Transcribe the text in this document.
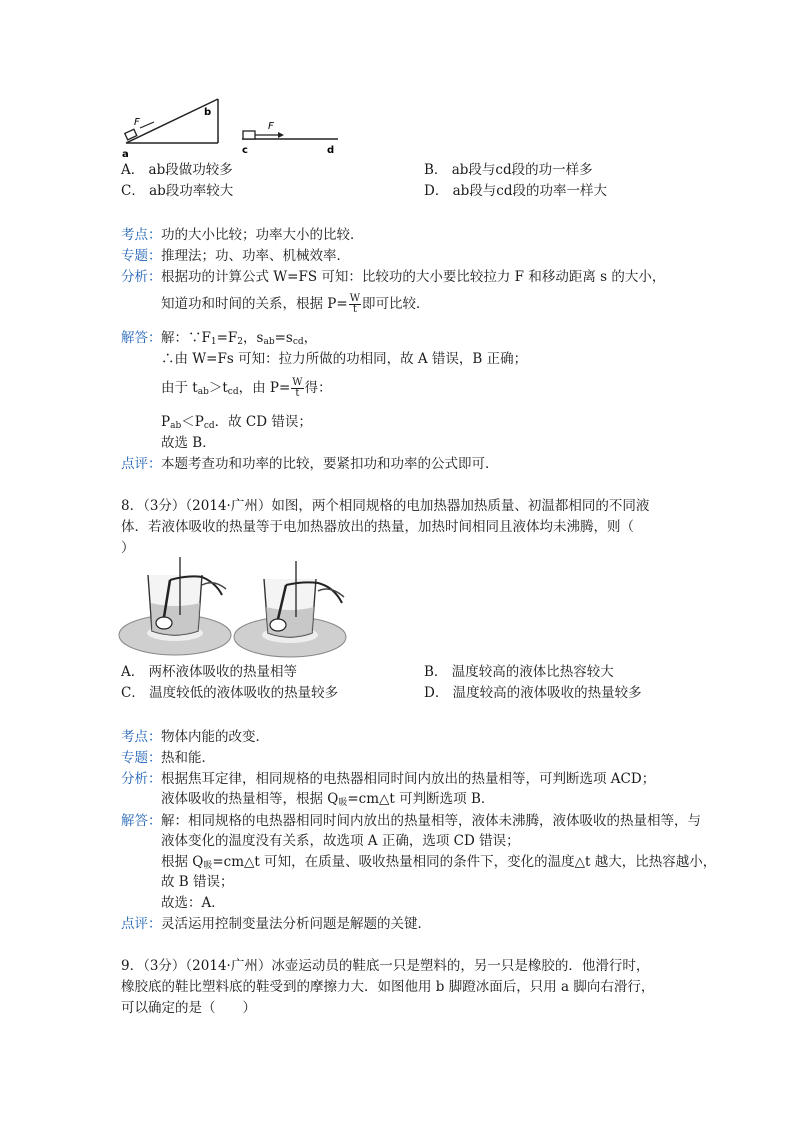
F
a
b
F
c	d
A． ab段做功较多	B． ab段与cd段的功一样多
C． ab段功率较大	D． ab段与cd段的功率一样大
考点： 功的大小比较；功率大小的比较．
专题： 推理法；功、功率、机械效率．
分析： 根据功的计算公式 W=FS 可知：比较功的大小要比较拉力 F 和移动距离 s 的大小，
知道功和时间的关系，根据 $P= \frac{W}{t}$ 即可比较．
解答： 解：$\because F_1=F_2$，$s_{ab}=s_{cd}$，
∴由 W=Fs 可知：拉力所做的功相同，故 A 错误，B 正确；
由于 $t_{ab}>t_{cd}$，由 $P= \frac{W}{t}$ 得：
$P_{ab}<P_{cd}$．故 CD 错误；
故选 B．
点评： 本题考查功和功率的比较，要紧扣功和功率的公式即可．
8．（3分）（2014·广州）如图，两个相同规格的电加热器加热质量、初温都相同的不同液
体．若液体吸收的热量等于电加热器放出的热量，加热时间相同且液体均未沸腾，则（
）
A． 两杯液体吸收的热量相等	B． 温度较高的液体比热容较大
C． 温度较低的液体吸收的热量较多	D． 温度较高的液体吸收的热量较多
考点： 物体内能的改变．
专题： 热和能．
分析： 根据焦耳定律，相同规格的电热器相同时间内放出的热量相等，可判断选项 ACD；
液体吸收的热量相等，根据 $Q_吸=cm\triangle t$ 可判断选项 B．
解答： 解：相同规格的电热器相同时间内放出的热量相等，液体未沸腾，液体吸收的热量相等，与
液体变化的温度没有关系，故选项 A 正确，选项 CD 错误；
根据 $Q_吸=cm\triangle t$ 可知，在质量、吸收热量相同的条件下，变化的温度△t 越大，比热容越小，
故 B 错误；
故选：A．
点评： 灵活运用控制变量法分析问题是解题的关键．
9．（3分）（2014·广州）冰壶运动员的鞋底一只是塑料的，另一只是橡胶的．他滑行时，
橡胶底的鞋比塑料底的鞋受到的摩擦力大．如图他用 b 脚蹬冰面后，只用 a 脚向右滑行，
可以确定的是（　　）
